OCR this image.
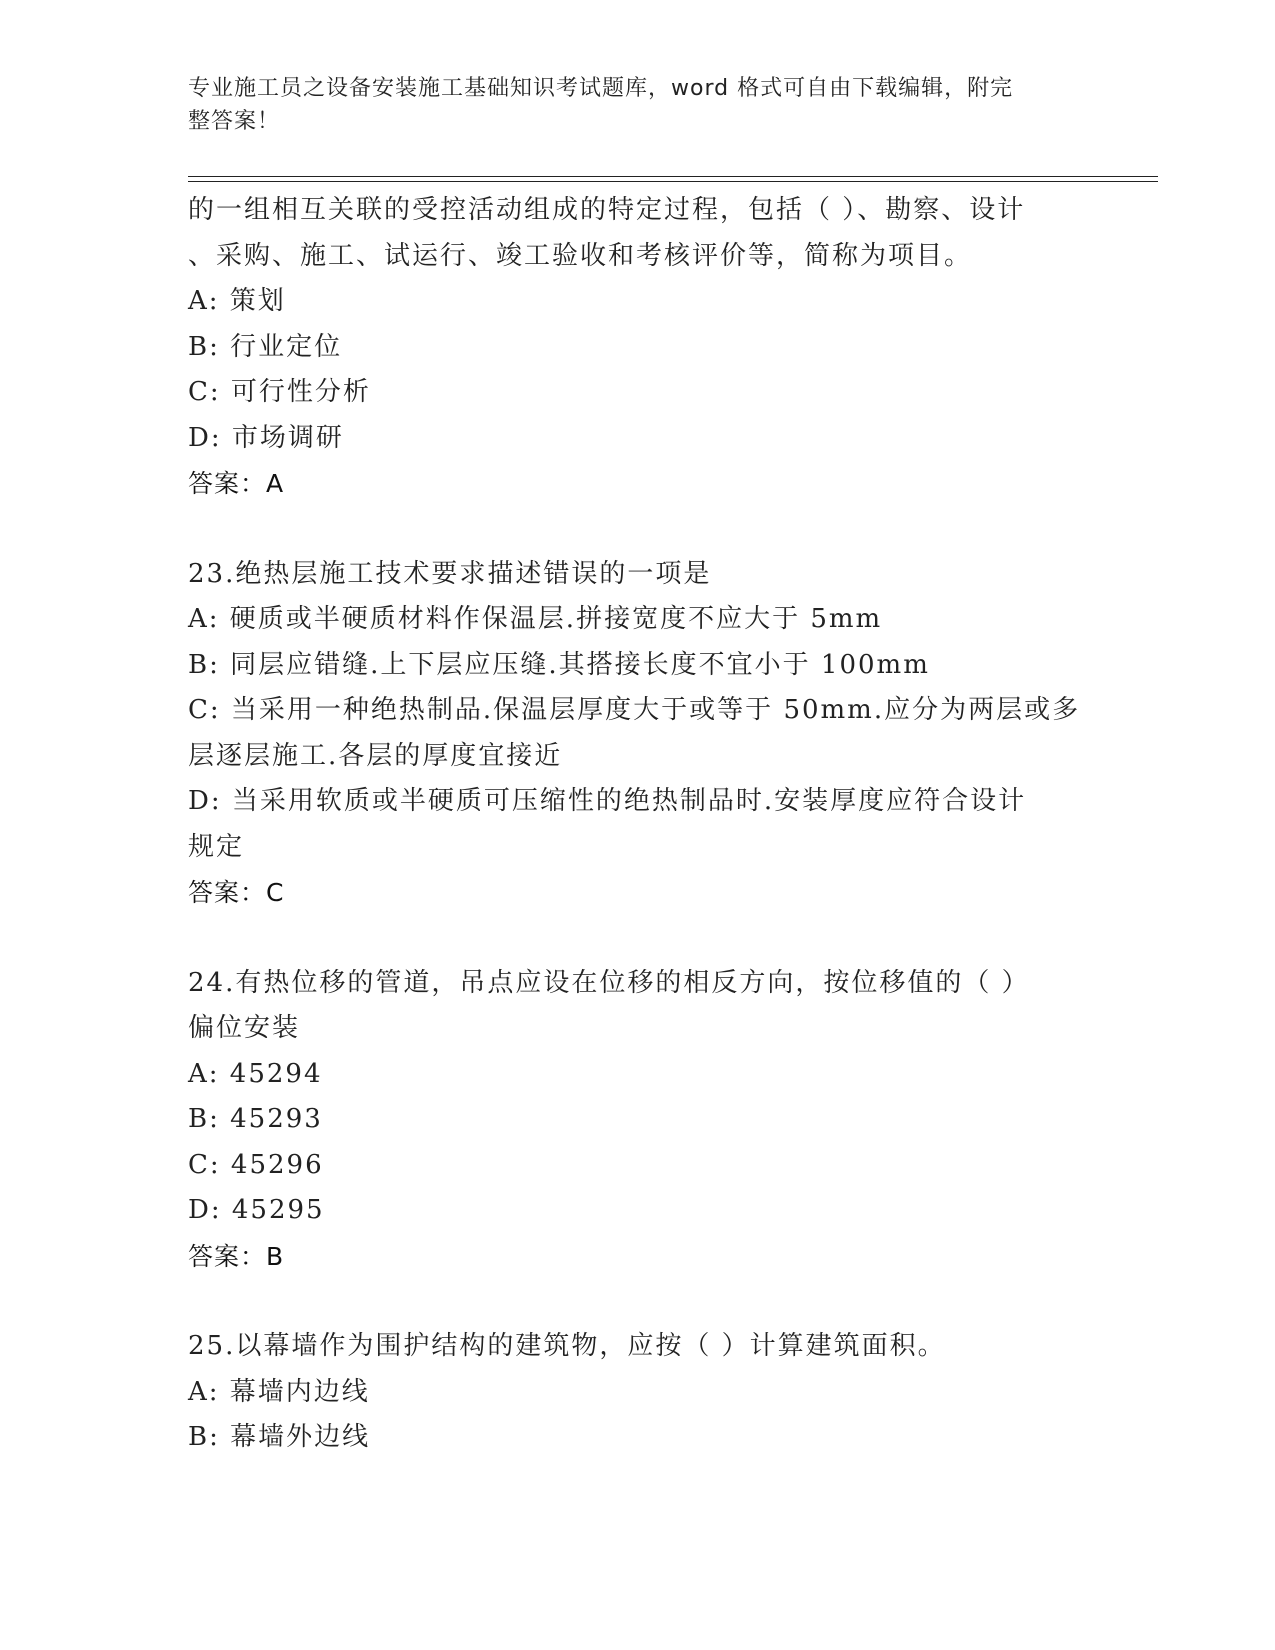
专业施工员之设备安装施工基础知识考试题库，word 格式可自由下载编辑，附完
整答案！
的一组相互关联的受控活动组成的特定过程，包括（ ）、勘察、设计
、采购、施工、试运行、竣工验收和考核评价等，简称为项目。
A: 策划
B: 行业定位
C: 可行性分析
D: 市场调研
答案：A
23.绝热层施工技术要求描述错误的一项是
A: 硬质或半硬质材料作保温层.拼接宽度不应大于 5mm
B: 同层应错缝.上下层应压缝.其搭接长度不宜小于 100mm
C: 当采用一种绝热制品.保温层厚度大于或等于 50mm.应分为两层或多
层逐层施工.各层的厚度宜接近
D: 当采用软质或半硬质可压缩性的绝热制品时.安装厚度应符合设计
规定
答案：C
24.有热位移的管道，吊点应设在位移的相反方向，按位移值的（ ）
偏位安装
A: 45294
B: 45293
C: 45296
D: 45295
答案：B
25.以幕墙作为围护结构的建筑物，应按（ ）计算建筑面积。
A: 幕墙内边线
B: 幕墙外边线
